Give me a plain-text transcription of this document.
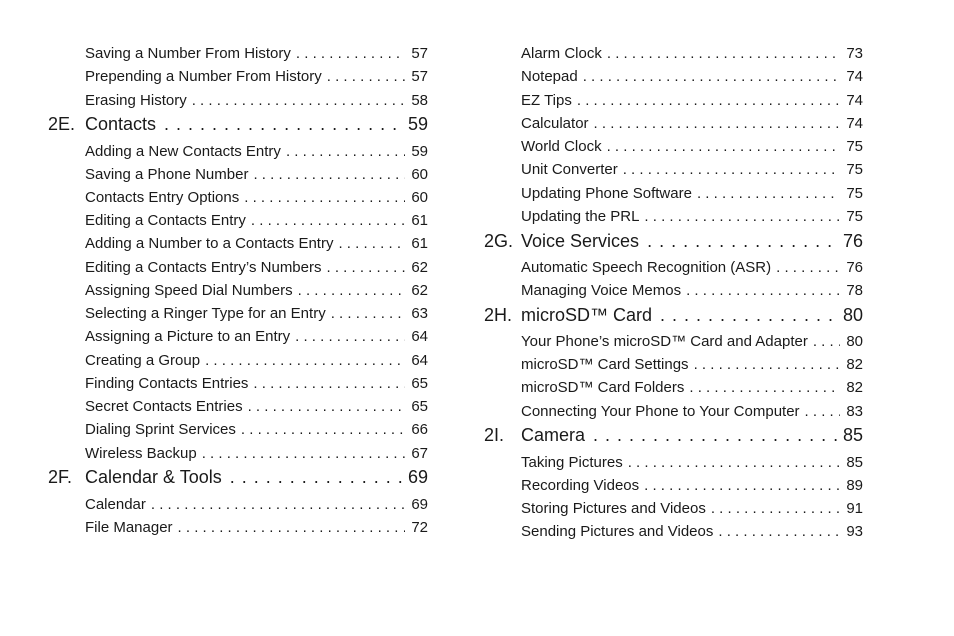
Saving a Number From History . . .	57
Prepending a Number From History . . .	57
Erasing History . . .	58
2E. Contacts . . .	59
Adding a New Contacts Entry . . .	59
Saving a Phone Number . . .	60
Contacts Entry Options . . .	60
Editing a Contacts Entry . . .	61
Adding a Number to a Contacts Entry . . .	61
Editing a Contacts Entry’s Numbers . . .	62
Assigning Speed Dial Numbers . . .	62
Selecting a Ringer Type for an Entry . . .	63
Assigning a Picture to an Entry . . .	64
Creating a Group . . .	64
Finding Contacts Entries . . .	65
Secret Contacts Entries . . .	65
Dialing Sprint Services . . .	66
Wireless Backup . . .	67
2F. Calendar & Tools . . .	69
Calendar . . .	69
File Manager . . .	72
Alarm Clock . . .	73
Notepad . . .	74
EZ Tips . . .	74
Calculator . . .	74
World Clock . . .	75
Unit Converter . . .	75
Updating Phone Software . . .	75
Updating the PRL . . .	75
2G. Voice Services . . .	76
Automatic Speech Recognition (ASR) . . .	76
Managing Voice Memos . . .	78
2H. microSD™ Card . . .	80
Your Phone’s microSD™ Card and Adapter . . .	80
microSD™ Card Settings . . .	82
microSD™ Card Folders . . .	82
Connecting Your Phone to Your Computer . . .	83
2I. Camera . . .	85
Taking Pictures . . .	85
Recording Videos . . .	89
Storing Pictures and Videos . . .	91
Sending Pictures and Videos . . .	93
